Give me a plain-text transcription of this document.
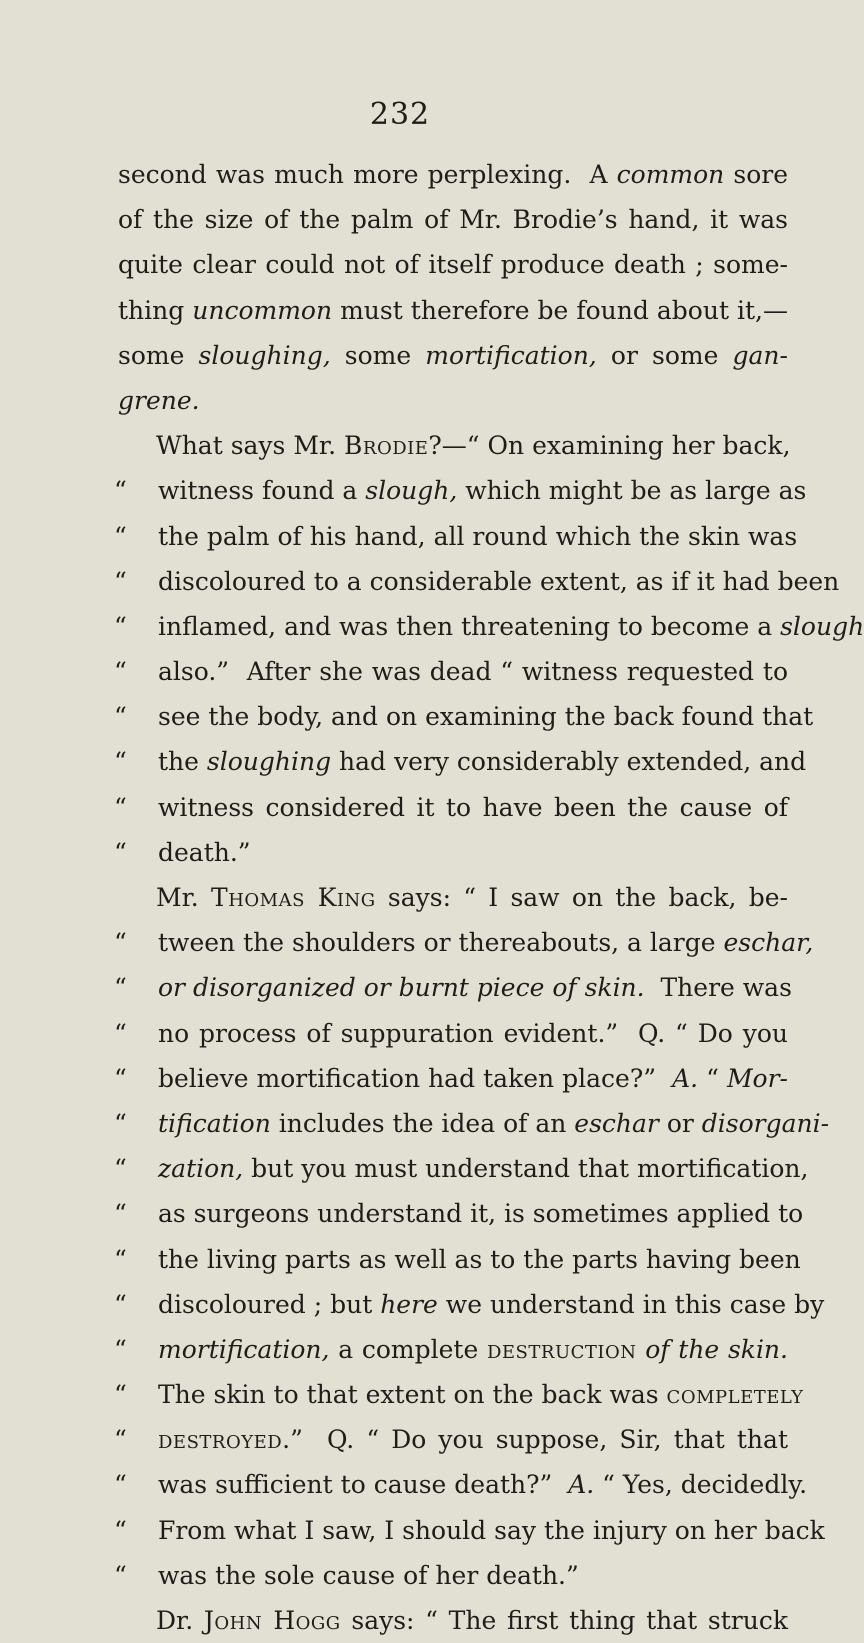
232
second was much more perplexing.  A common sore
of the size of the palm of Mr. Brodie’s hand, it was
quite clear could not of itself produce death ; some-
thing uncommon must therefore be found about it,—
some sloughing, some mortification, or some gan-
grene.
What says Mr. Brodie?—“ On examining her back,
“ witness found a slough, which might be as large as
“ the palm of his hand, all round which the skin was
“ discoloured to a considerable extent, as if it had been
“ inflamed, and was then threatening to become a slough
“ also.”  After she was dead “ witness requested to
“ see the body, and on examining the back found that
“ the sloughing had very considerably extended, and
“ witness considered it to have been the cause of
“ death.”
Mr. Thomas King says: “ I saw on the back, be-
“ tween the shoulders or thereabouts, a large eschar,
“ or disorganized or burnt piece of skin.  There was
“ no process of suppuration evident.”  Q. “ Do you
“ believe mortification had taken place?”  A. “ Mor-
“ tification includes the idea of an eschar or disorgani-
“ zation, but you must understand that mortification,
“ as surgeons understand it, is sometimes applied to
“ the living parts as well as to the parts having been
“ discoloured ; but here we understand in this case by
“ mortification, a complete destruction of the skin.
“ The skin to that extent on the back was completely
“ destroyed.”  Q. “ Do you suppose, Sir, that that
“ was sufficient to cause death?”  A. “ Yes, decidedly.
“ From what I saw, I should say the injury on her back
“ was the sole cause of her death.”
Dr. John Hogg says: “ The first thing that struck
